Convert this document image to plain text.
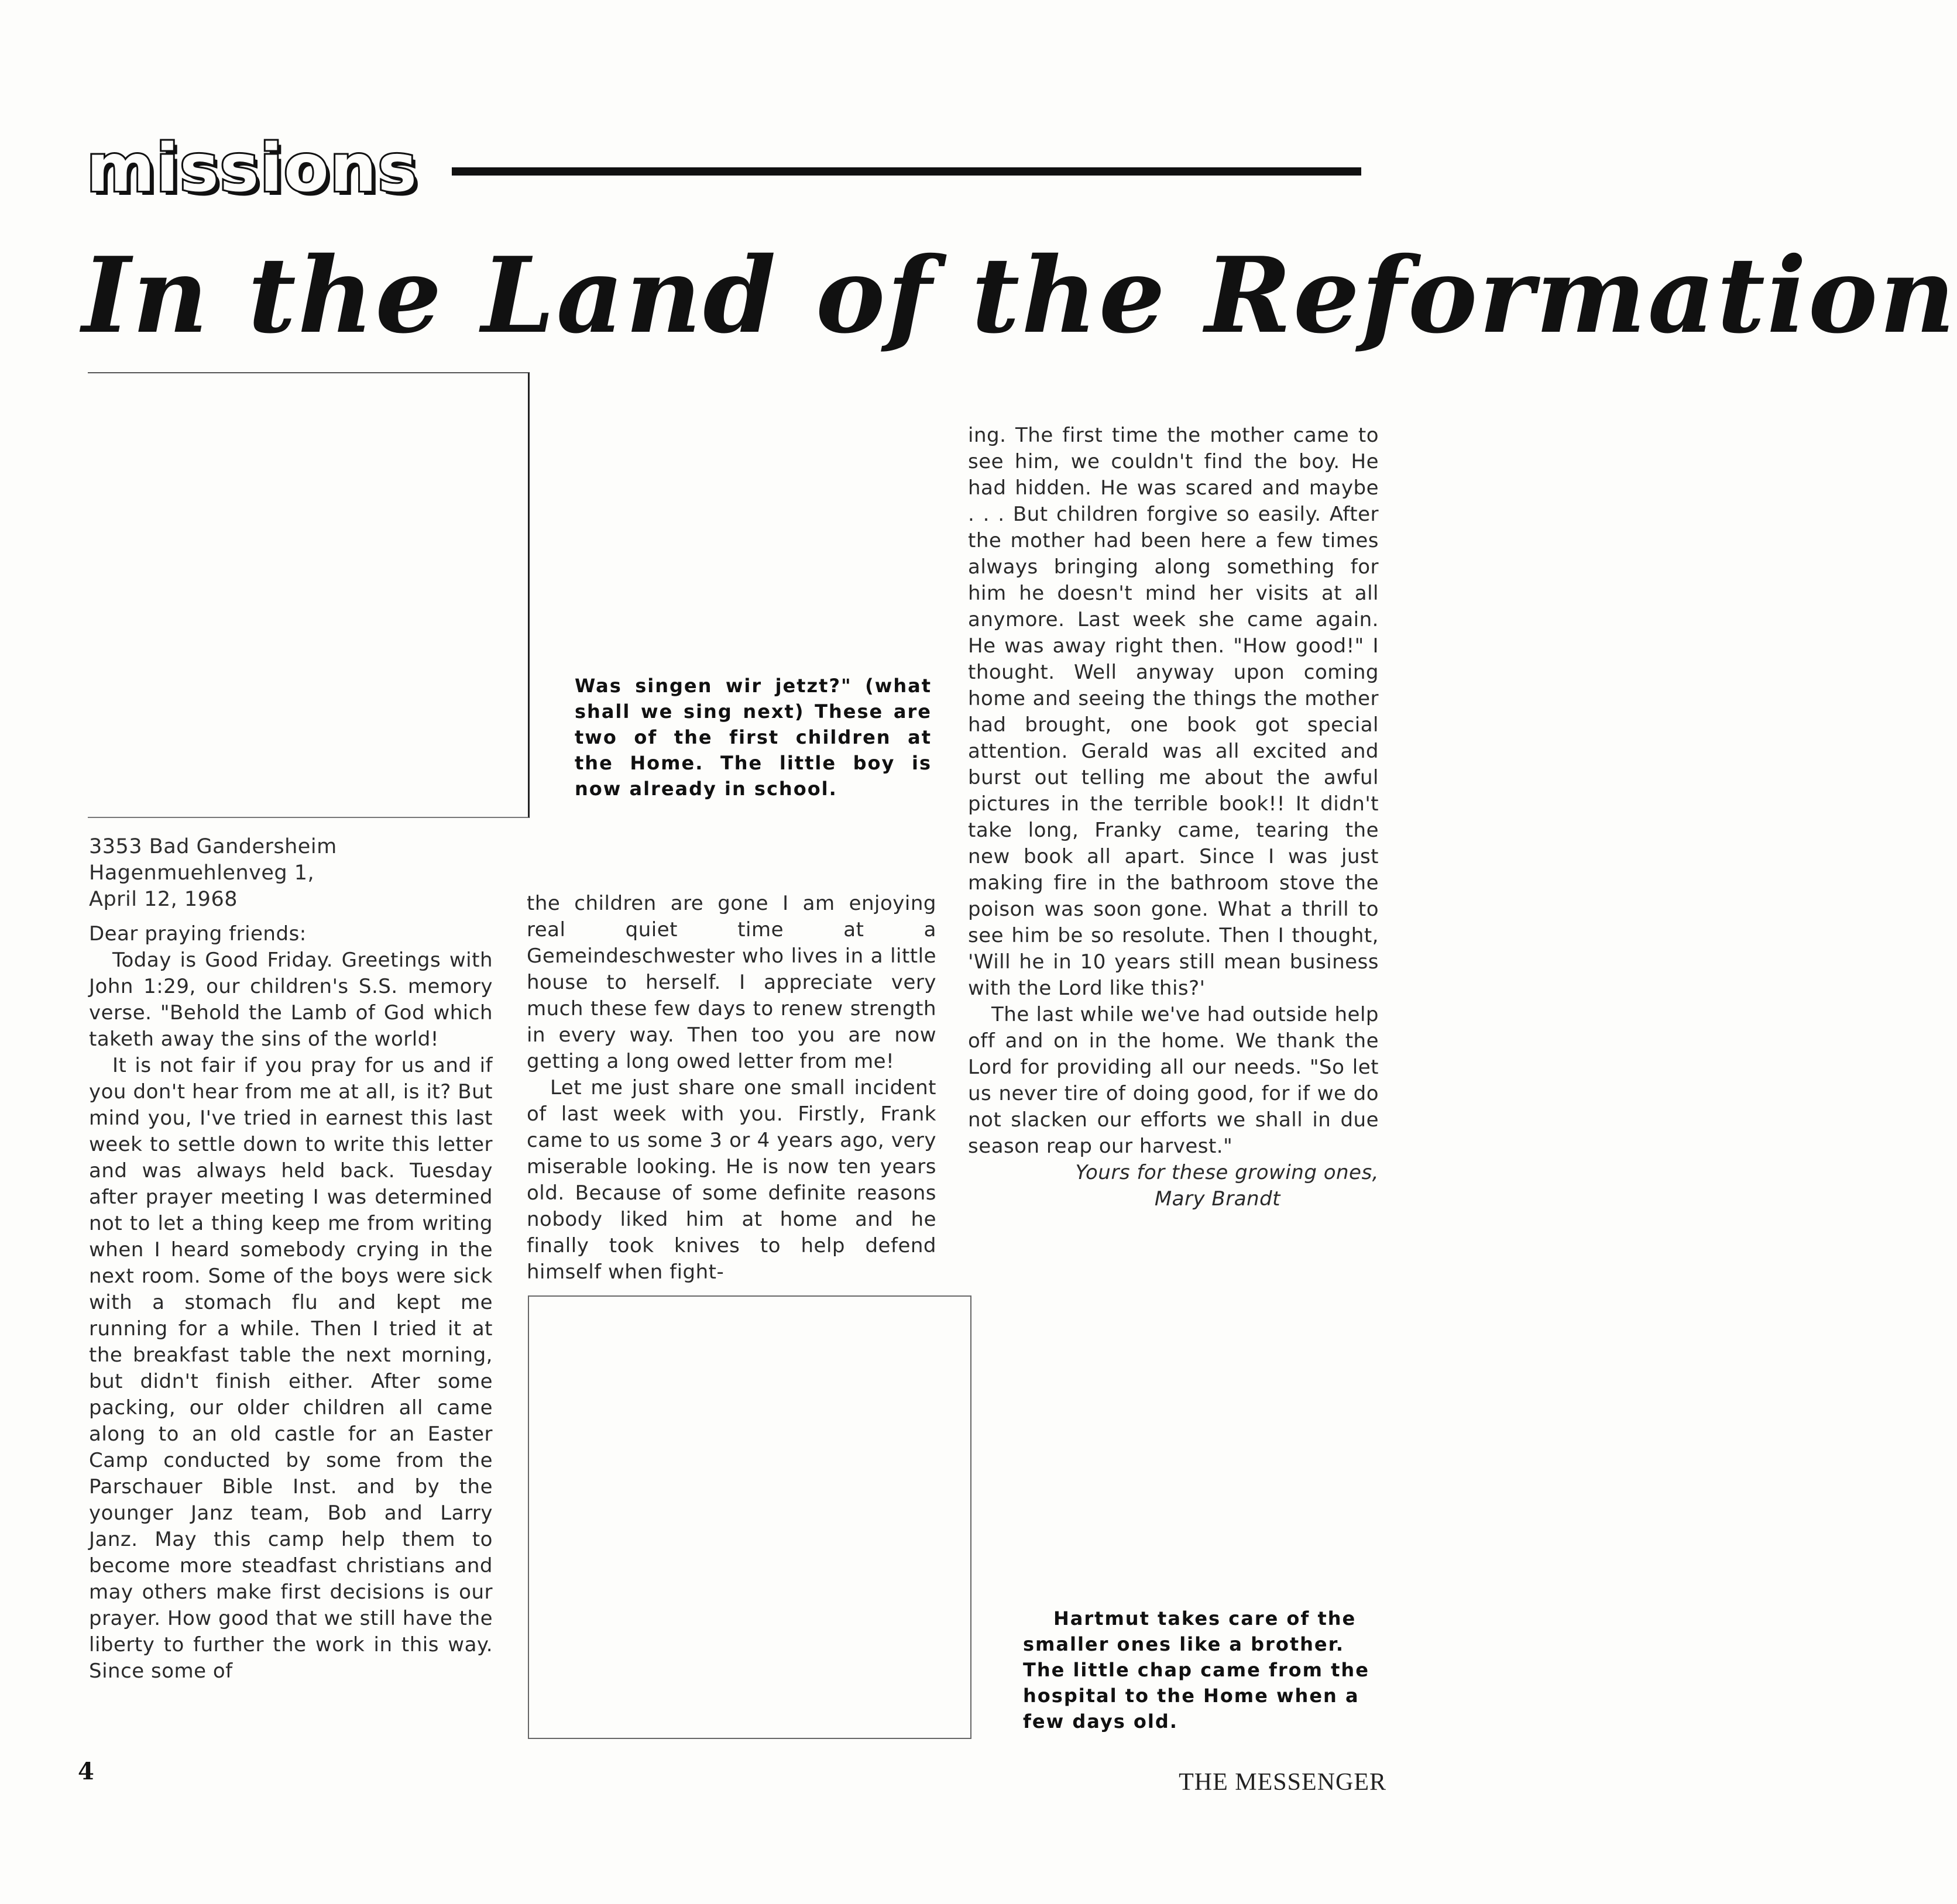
missions
In the Land of the Reformation
Was singen wir jetzt?" (what shall we sing next) These are two of the first children at the Home. The little boy is now already in school.
3353 Bad Gandersheim
Hagenmuehlenveg 1,
April 12, 1968

Dear praying friends:

Today is Good Friday. Greetings with John 1:29, our children's S.S. memory verse. "Behold the Lamb of God which taketh away the sins of the world!

It is not fair if you pray for us and if you don't hear from me at all, is it? But mind you, I've tried in earnest this last week to settle down to write this letter and was always held back. Tuesday after prayer meeting I was determined not to let a thing keep me from writing when I heard somebody crying in the next room. Some of the boys were sick with a stomach flu and kept me running for a while. Then I tried it at the breakfast table the next morning, but didn't finish either. After some packing, our older children all came along to an old castle for an Easter Camp conducted by some from the Parschauer Bible Inst. and by the younger Janz team, Bob and Larry Janz. May this camp help them to become more steadfast christians and may others make first decisions is our prayer. How good that we still have the liberty to further the work in this way. Since some of

the children are gone I am enjoying real quiet time at a Gemeindeschwester who lives in a little house to herself. I appreciate very much these few days to renew strength in every way. Then too you are now getting a long owed letter from me!

Let me just share one small incident of last week with you. Firstly, Frank came to us some 3 or 4 years ago, very miserable looking. He is now ten years old. Because of some definite reasons nobody liked him at home and he finally took knives to help defend himself when fight-

ing. The first time the mother came to see him, we couldn't find the boy. He had hidden. He was scared and maybe . . . But children forgive so easily. After the mother had been here a few times always bringing along something for him he doesn't mind her visits at all anymore. Last week she came again. He was away right then. "How good!" I thought. Well anyway upon coming home and seeing the things the mother had brought, one book got special attention. Gerald was all excited and burst out telling me about the awful pictures in the terrible book!! It didn't take long, Franky came, tearing the new book all apart. Since I was just making fire in the bathroom stove the poison was soon gone. What a thrill to see him be so resolute. Then I thought, 'Will he in 10 years still mean business with the Lord like this?'

The last while we've had outside help off and on in the home. We thank the Lord for providing all our needs. "So let us never tire of doing good, for if we do not slacken our efforts we shall in due season reap our harvest."

Yours for these growing ones,
Mary Brandt

Hartmut takes care of the
smaller ones like a brother.
The little chap came from the
hospital to the Home when a
few days old.
4	THE MESSENGER
